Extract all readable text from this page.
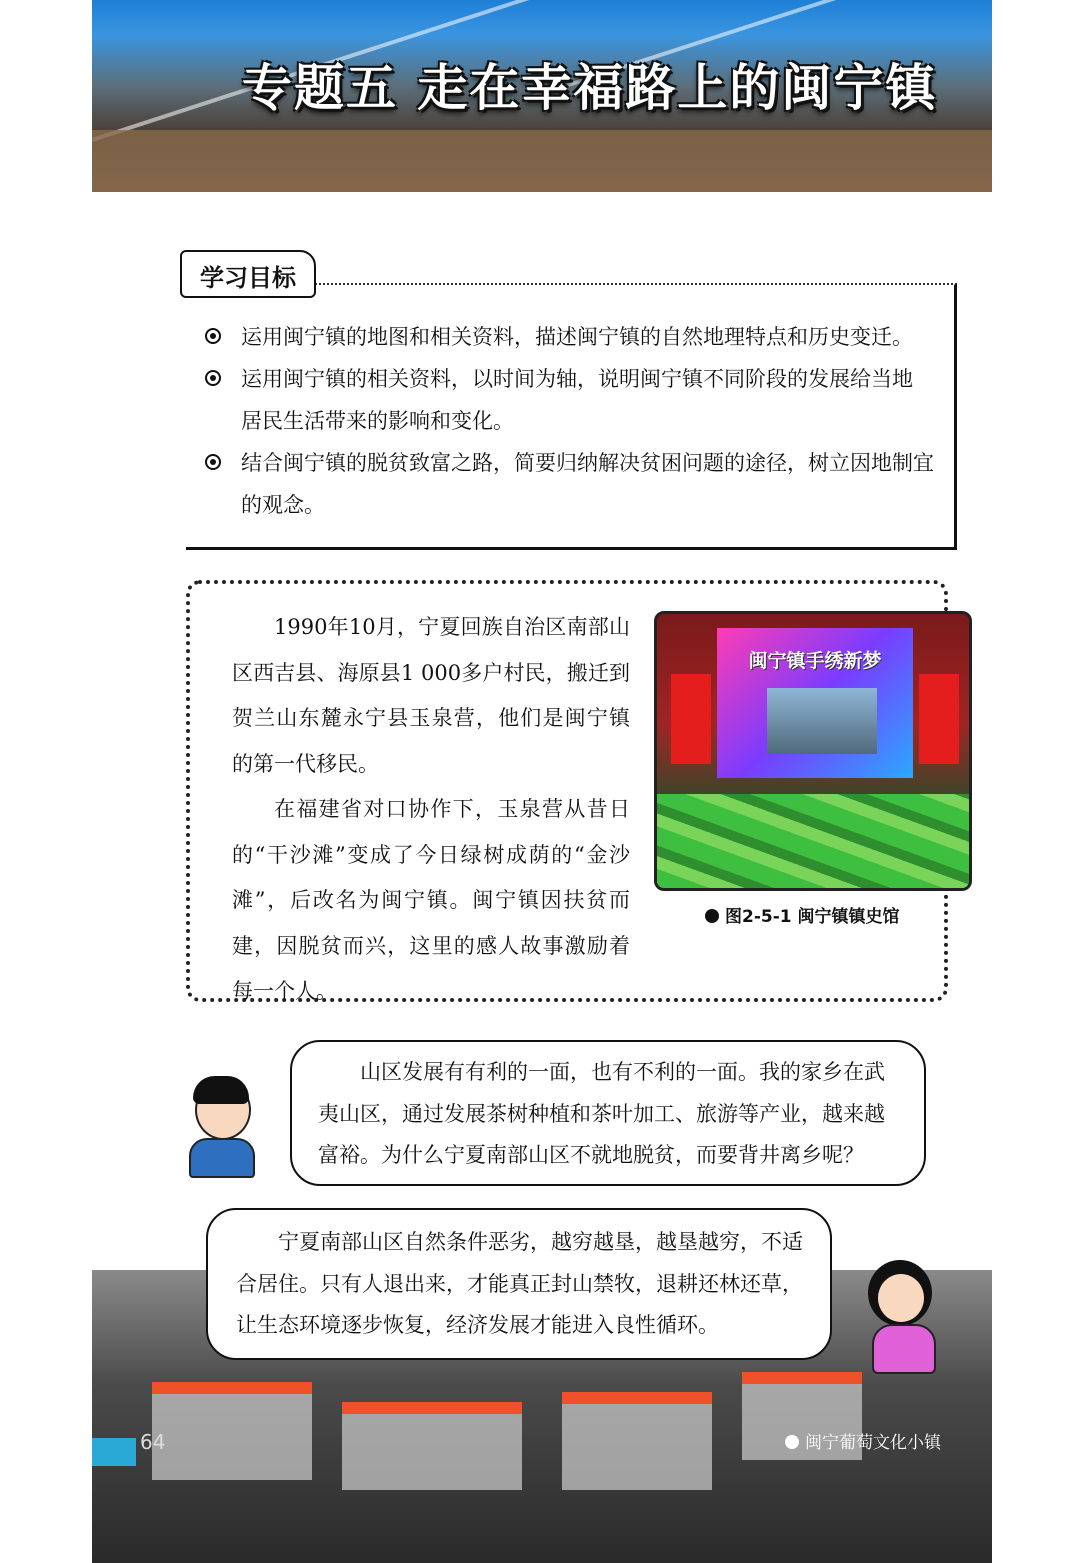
专题五 走在幸福路上的闽宁镇
学习目标
运用闽宁镇的地图和相关资料，描述闽宁镇的自然地理特点和历史变迁。
运用闽宁镇的相关资料，以时间为轴，说明闽宁镇不同阶段的发展给当地
居民生活带来的影响和变化。
结合闽宁镇的脱贫致富之路，简要归纳解决贫困问题的途径，树立因地制宜
的观念。

1990年10月，宁夏回族自治区南部山区西吉县、海原县1 000多户村民，搬迁到贺兰山东麓永宁县玉泉营，他们是闽宁镇的第一代移民。

在福建省对口协作下，玉泉营从昔日的“干沙滩”变成了今日绿树成荫的“金沙滩”，后改名为闽宁镇。闽宁镇因扶贫而建，因脱贫而兴，这里的感人故事激励着每一个人。

闽宁镇手绣新梦
图2-5-1 闽宁镇镇史馆
山区发展有有利的一面，也有不利的一面。我的家乡在武夷山区，通过发展茶树种植和茶叶加工、旅游等产业，越来越富裕。为什么宁夏南部山区不就地脱贫，而要背井离乡呢？
宁夏南部山区自然条件恶劣，越穷越垦，越垦越穷，不适合居住。只有人退出来，才能真正封山禁牧，退耕还林还草，让生态环境逐步恢复，经济发展才能进入良性循环。
64	闽宁葡萄文化小镇
